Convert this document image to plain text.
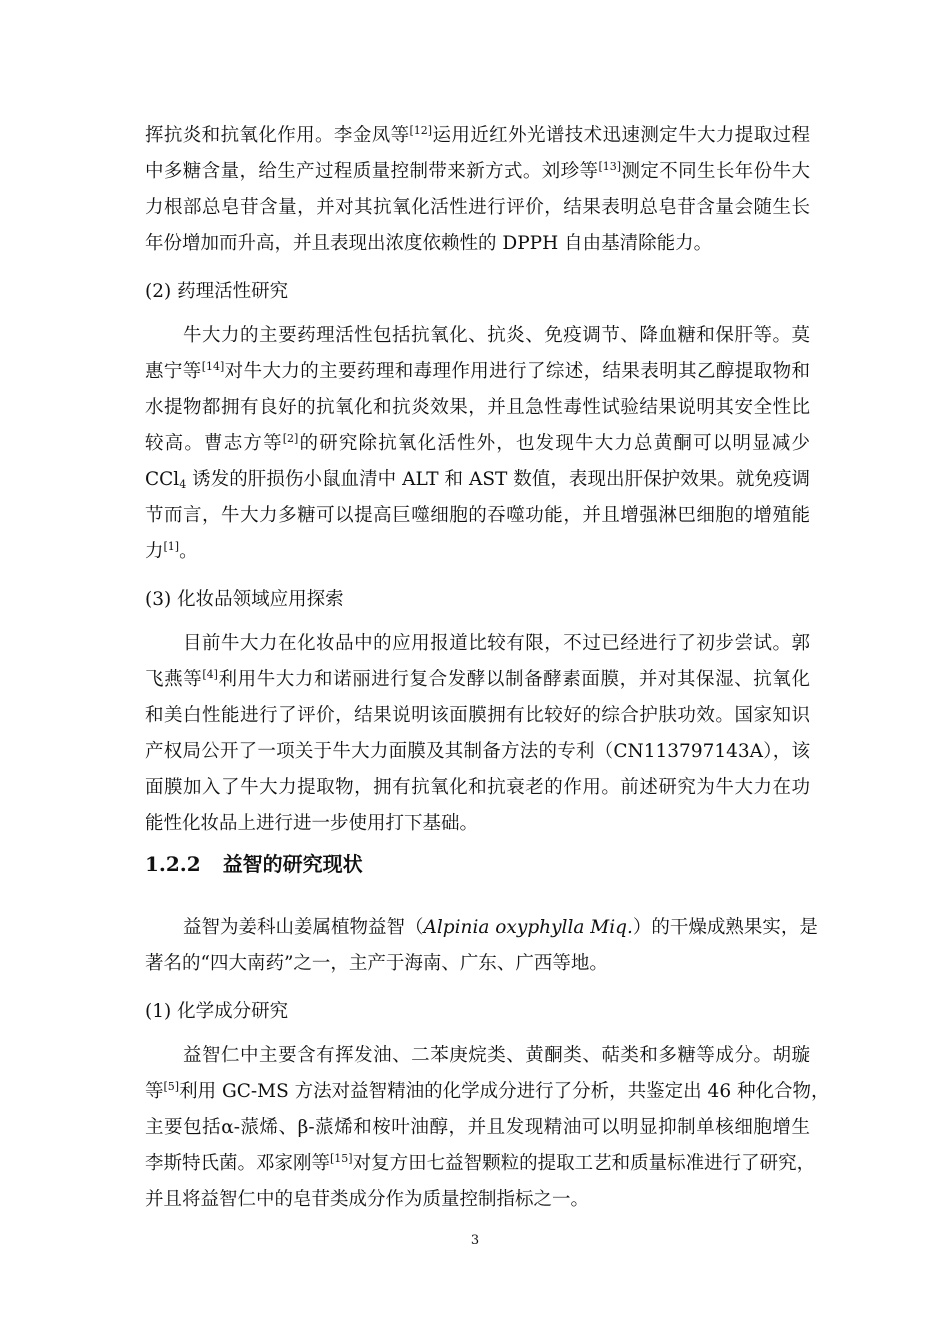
挥抗炎和抗氧化作用。李金凤等[12]运用近红外光谱技术迅速测定牛大力提取过程
中多糖含量，给生产过程质量控制带来新方式。刘珍等[13]测定不同生长年份牛大
力根部总皂苷含量，并对其抗氧化活性进行评价，结果表明总皂苷含量会随生长
年份增加而升高，并且表现出浓度依赖性的 DPPH 自由基清除能力。
(2) 药理活性研究
牛大力的主要药理活性包括抗氧化、抗炎、免疫调节、降血糖和保肝等。莫
惠宁等[14]对牛大力的主要药理和毒理作用进行了综述，结果表明其乙醇提取物和
水提物都拥有良好的抗氧化和抗炎效果，并且急性毒性试验结果说明其安全性比
较高。曹志方等[2]的研究除抗氧化活性外，也发现牛大力总黄酮可以明显减少
CCl$_4$ 诱发的肝损伤小鼠血清中 ALT 和 AST 数值，表现出肝保护效果。就免疫调
节而言，牛大力多糖可以提高巨噬细胞的吞噬功能，并且增强淋巴细胞的增殖能
力[1]。
(3) 化妆品领域应用探索
目前牛大力在化妆品中的应用报道比较有限，不过已经进行了初步尝试。郭
飞燕等[4]利用牛大力和诺丽进行复合发酵以制备酵素面膜，并对其保湿、抗氧化
和美白性能进行了评价，结果说明该面膜拥有比较好的综合护肤功效。国家知识
产权局公开了一项关于牛大力面膜及其制备方法的专利（CN113797143A），该
面膜加入了牛大力提取物，拥有抗氧化和抗衰老的作用。前述研究为牛大力在功
能性化妆品上进行进一步使用打下基础。
1.2.2 益智的研究现状
益智为姜科山姜属植物益智（Alpinia oxyphylla Miq.）的干燥成熟果实，是
著名的“四大南药”之一，主产于海南、广东、广西等地。
(1) 化学成分研究
益智仁中主要含有挥发油、二苯庚烷类、黄酮类、萜类和多糖等成分。胡璇
等[5]利用 GC-MS 方法对益智精油的化学成分进行了分析，共鉴定出 46 种化合物，
主要包括α-蒎烯、β-蒎烯和桉叶油醇，并且发现精油可以明显抑制单核细胞增生
李斯特氏菌。邓家刚等[15]对复方田七益智颗粒的提取工艺和质量标准进行了研究，
并且将益智仁中的皂苷类成分作为质量控制指标之一。
3
